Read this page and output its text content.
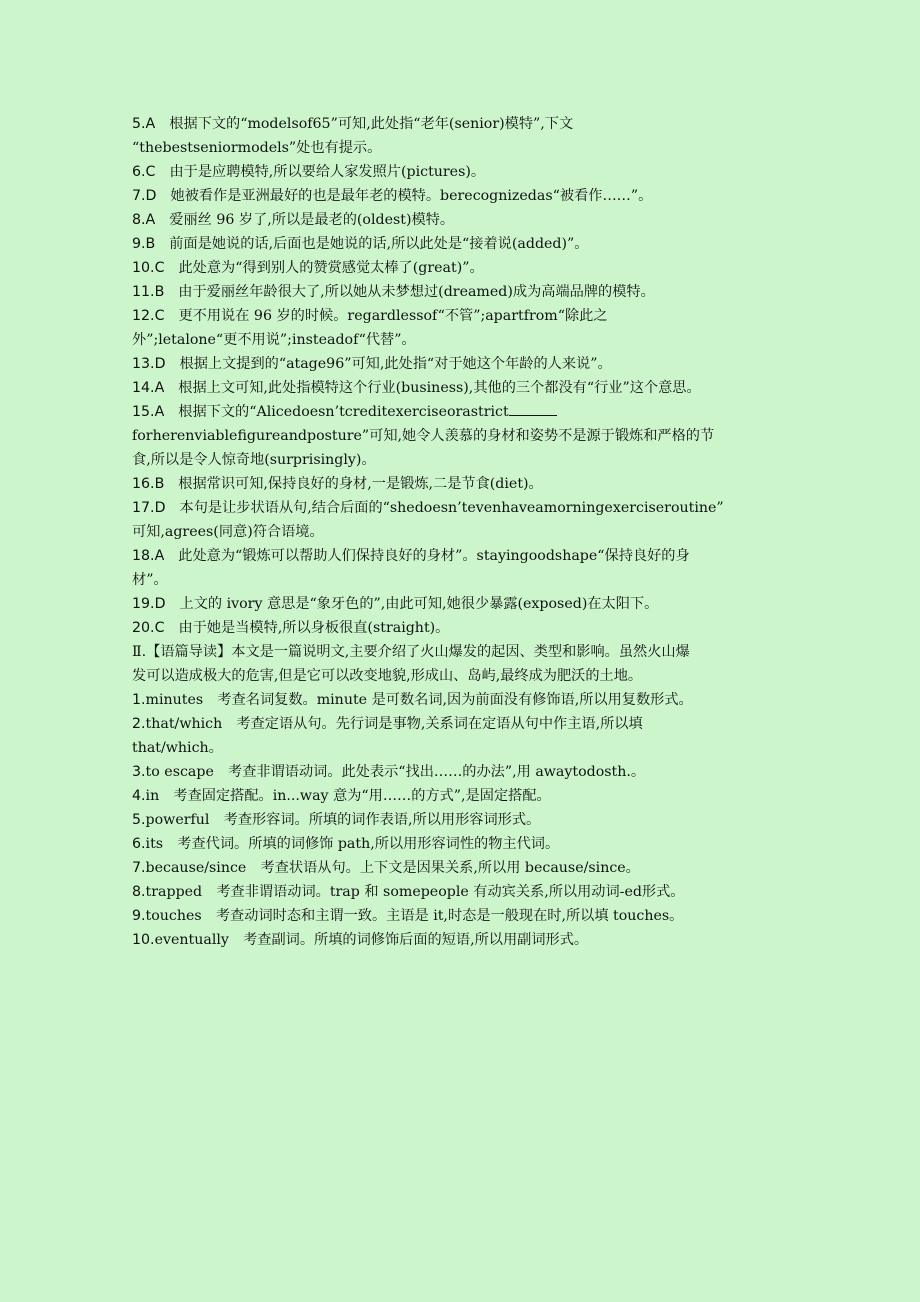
5.A 根据下文的“modelsof65”可知,此处指“老年(senior)模特”,下文
“thebestseniormodels”处也有提示。
6.C 由于是应聘模特,所以要给人家发照片(pictures)。
7.D 她被看作是亚洲最好的也是最年老的模特。berecognizedas“被看作……”。
8.A 爱丽丝 96 岁了,所以是最老的(oldest)模特。
9.B 前面是她说的话,后面也是她说的话,所以此处是“接着说(added)”。
10.C 此处意为“得到别人的赞赏感觉太棒了(great)”。
11.B 由于爱丽丝年龄很大了,所以她从未梦想过(dreamed)成为高端品牌的模特。
12.C 更不用说在 96 岁的时候。regardlessof“不管”;apartfrom“除此之
外”;letalone“更不用说”;insteadof“代替”。
13.D 根据上文提到的“atage96”可知,此处指“对于她这个年龄的人来说”。
14.A 根据上文可知,此处指模特这个行业(business),其他的三个都没有“行业”这个意思。
15.A 根据下文的“Alicedoesn’tcreditexerciseorastrict
forherenviablefigureandposture”可知,她令人羡慕的身材和姿势不是源于锻炼和严格的节
食,所以是令人惊奇地(surprisingly)。
16.B 根据常识可知,保持良好的身材,一是锻炼,二是节食(diet)。
17.D 本句是让步状语从句,结合后面的“shedoesn’tevenhaveamorningexerciseroutine”
可知,agrees(同意)符合语境。
18.A 此处意为“锻炼可以帮助人们保持良好的身材”。stayingoodshape“保持良好的身
材”。
19.D 上文的 ivory 意思是“象牙色的”,由此可知,她很少暴露(exposed)在太阳下。
20.C 由于她是当模特,所以身板很直(straight)。
Ⅱ.【语篇导读】本文是一篇说明文,主要介绍了火山爆发的起因、类型和影响。虽然火山爆
发可以造成极大的危害,但是它可以改变地貌,形成山、岛屿,最终成为肥沃的土地。
1.minutes　考查名词复数。minute 是可数名词,因为前面没有修饰语,所以用复数形式。
2.that/which　考查定语从句。先行词是事物,关系词在定语从句中作主语,所以填
that/which。
3.to escape　考查非谓语动词。此处表示“找出……的办法”,用 awaytodosth.。
4.in　考查固定搭配。in...way 意为“用……的方式”,是固定搭配。
5.powerful　考查形容词。所填的词作表语,所以用形容词形式。
6.its　考查代词。所填的词修饰 path,所以用形容词性的物主代词。
7.because/since　考查状语从句。上下文是因果关系,所以用 because/since。
8.trapped　考查非谓语动词。trap 和 somepeople 有动宾关系,所以用动词-ed形式。
9.touches　考查动词时态和主谓一致。主语是 it,时态是一般现在时,所以填 touches。
10.eventually　考查副词。所填的词修饰后面的短语,所以用副词形式。
